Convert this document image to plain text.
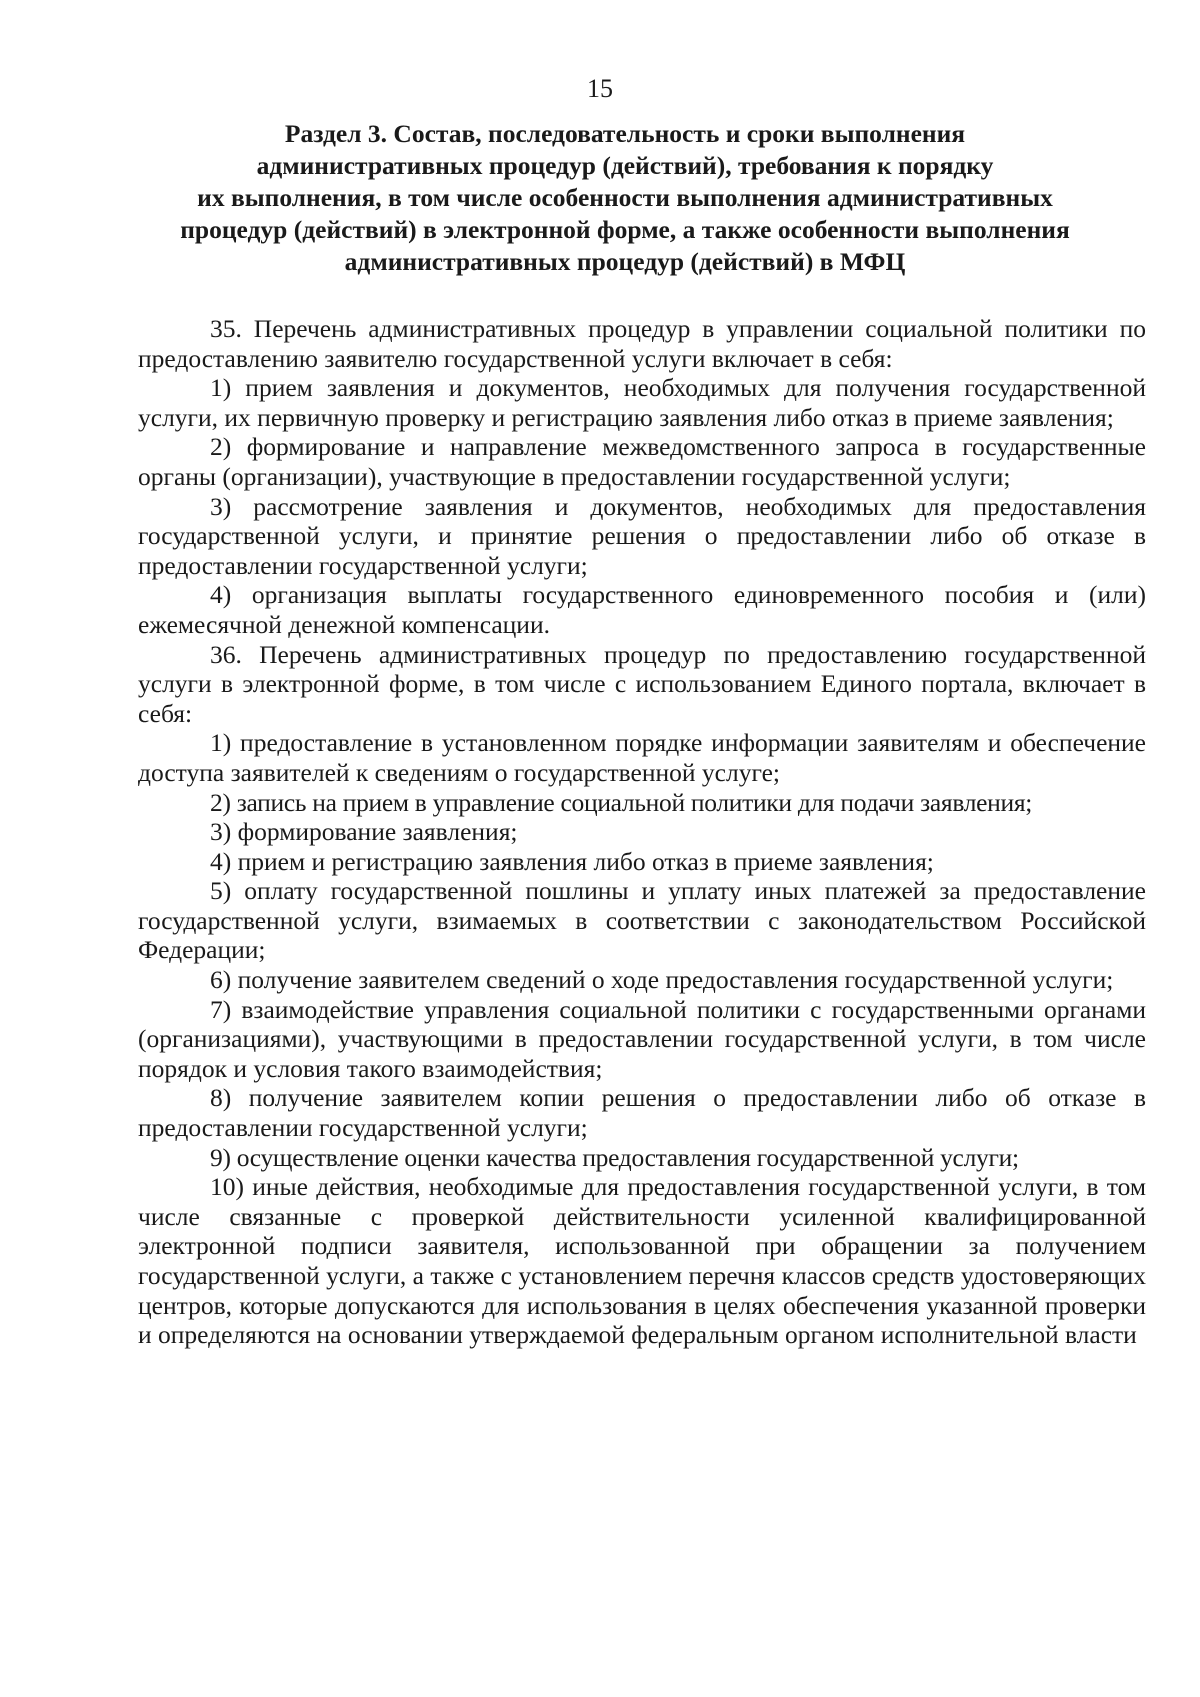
15
Раздел 3. Состав, последовательность и сроки выполнения
административных процедур (действий), требования к порядку
их выполнения, в том числе особенности выполнения административных
процедур (действий) в электронной форме, а также особенности выполнения
административных процедур (действий) в МФЦ

35. Перечень административных процедур в управлении социальной политики по предоставлению заявителю государственной услуги включает в себя:

1) прием заявления и документов, необходимых для получения государственной услуги, их первичную проверку и регистрацию заявления либо отказ в приеме заявления;

2) формирование и направление межведомственного запроса в государственные органы (организации), участвующие в предоставлении государственной услуги;

3) рассмотрение заявления и документов, необходимых для предоставления государственной услуги, и принятие решения о предоставлении либо об отказе в предоставлении государственной услуги;

4) организация выплаты государственного единовременного пособия и (или) ежемесячной денежной компенсации.

36. Перечень административных процедур по предоставлению государственной услуги в электронной форме, в том числе с использованием Единого портала, включает в себя:

1) предоставление в установленном порядке информации заявителям и обеспечение доступа заявителей к сведениям о государственной услуге;

2) запись на прием в управление социальной политики для подачи заявления;

3) формирование заявления;

4) прием и регистрацию заявления либо отказ в приеме заявления;

5) оплату государственной пошлины и уплату иных платежей за предоставление государственной услуги, взимаемых в соответствии с законодательством Российской Федерации;

6) получение заявителем сведений о ходе предоставления государственной услуги;

7) взаимодействие управления социальной политики с государственными органами (организациями), участвующими в предоставлении государственной услуги, в том числе порядок и условия такого взаимодействия;

8) получение заявителем копии решения о предоставлении либо об отказе в предоставлении государственной услуги;

9) осуществление оценки качества предоставления государственной услуги;

10) иные действия, необходимые для предоставления государственной услуги, в том числе связанные с проверкой действительности усиленной квалифицированной электронной подписи заявителя, использованной при обращении за получением государственной услуги, а также с установлением перечня классов средств удостоверяющих центров, которые допускаются для использования в целях обеспечения указанной проверки и определяются на основании утверждаемой федеральным органом исполнительной власти
